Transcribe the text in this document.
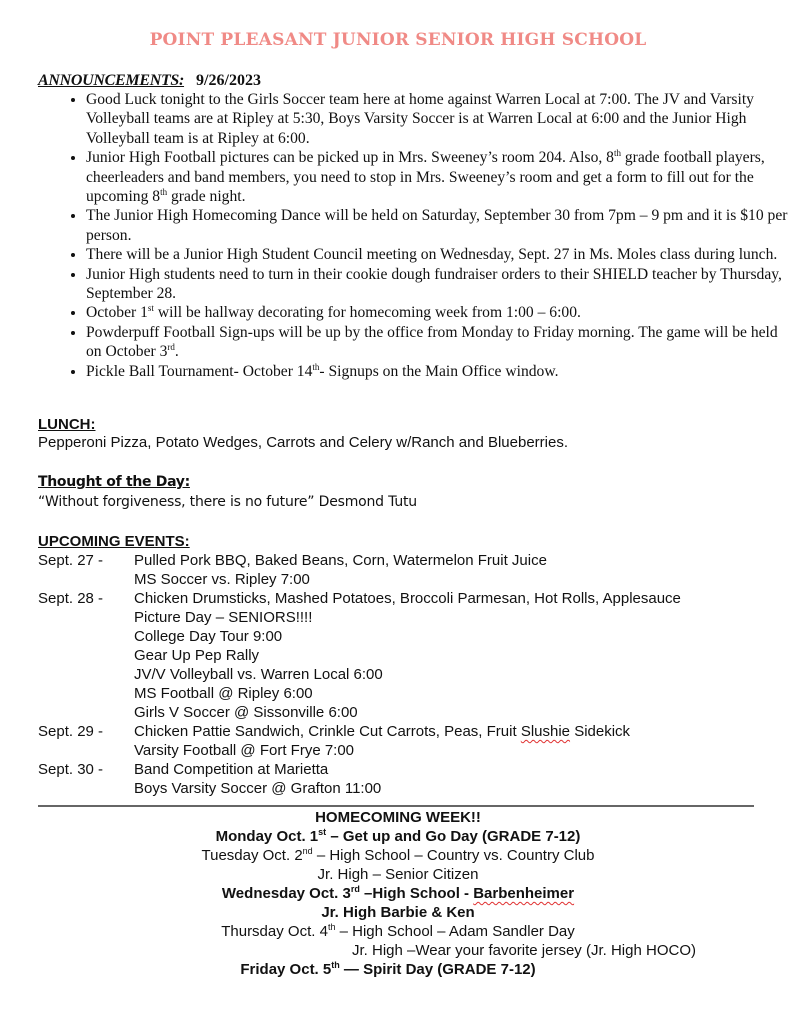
POINT PLEASANT JUNIOR SENIOR HIGH SCHOOL
ANNOUNCEMENTS: 9/26/2023
• Good Luck tonight to the Girls Soccer team here at home against Warren Local at 7:00. The JV and Varsity Volleyball teams are at Ripley at 5:30, Boys Varsity Soccer is at Warren Local at 6:00 and the Junior High Volleyball team is at Ripley at 6:00.
• Junior High Football pictures can be picked up in Mrs. Sweeney’s room 204. Also, 8th grade football players, cheerleaders and band members, you need to stop in Mrs. Sweeney’s room and get a form to fill out for the upcoming 8th grade night.
• The Junior High Homecoming Dance will be held on Saturday, September 30 from 7pm – 9 pm and it is $10 per person.
• There will be a Junior High Student Council meeting on Wednesday, Sept. 27 in Ms. Moles class during lunch.
• Junior High students need to turn in their cookie dough fundraiser orders to their SHIELD teacher by Thursday, September 28.
• October 1st will be hallway decorating for homecoming week from 1:00 – 6:00.
• Powderpuff Football Sign-ups will be up by the office from Monday to Friday morning. The game will be held on October 3rd.
• Pickle Ball Tournament- October 14th- Signups on the Main Office window.
LUNCH:
Pepperoni Pizza, Potato Wedges, Carrots and Celery w/Ranch and Blueberries.
Thought of the Day:
“Without forgiveness, there is no future” Desmond Tutu
UPCOMING EVENTS:
Sept. 27 -	Pulled Pork BBQ, Baked Beans, Corn, Watermelon Fruit Juice
MS Soccer vs. Ripley 7:00
Sept. 28 -	Chicken Drumsticks, Mashed Potatoes, Broccoli Parmesan, Hot Rolls, Applesauce
Picture Day – SENIORS!!!!
College Day Tour 9:00
Gear Up Pep Rally
JV/V Volleyball vs. Warren Local 6:00
MS Football @ Ripley 6:00
Girls V Soccer @ Sissonville 6:00
Sept. 29 -	Chicken Pattie Sandwich, Crinkle Cut Carrots, Peas, Fruit Slushie Sidekick
Varsity Football @ Fort Frye 7:00
Sept. 30 -	Band Competition at Marietta
Boys Varsity Soccer @ Grafton 11:00
HOMECOMING WEEK!!
Monday Oct. 1st – Get up and Go Day (GRADE 7-12)
Tuesday Oct. 2nd – High School – Country vs. Country Club
Jr. High – Senior Citizen
Wednesday Oct. 3rd –High School - Barbenheimer
Jr. High Barbie & Ken
Thursday Oct. 4th – High School – Adam Sandler Day
Jr. High –Wear your favorite jersey (Jr. High HOCO)
Friday Oct. 5th — Spirit Day (GRADE 7-12)
